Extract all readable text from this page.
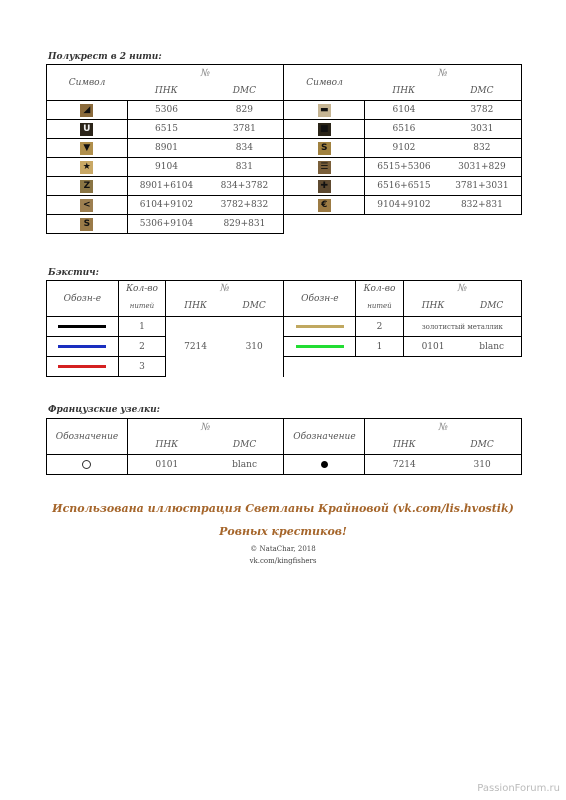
Полукрест в 2 нити:
Символ	№		Символ	№	
	ПНК	DMC		ПНК	DMC
◢	5306	829	▬	6104	3782
U	6515	3781	■	6516	3031
▼	8901	834	S	9102	832
★	9104	831	☰	6515+5306	3031+829
Z	8901+6104	834+3782	✚	6516+6515	3781+3031
<	6104+9102	3782+832	€	9104+9102	832+831
S	5306+9104	829+831			
Бэкстич:
Обозн-е	Кол-во	№		Обозн-е	Кол-во	№	
	нитей	ПНК	DMC		нитей	ПНК	DMC
	1	7214	310		2	золотистый металлик	
	2				1	0101	blanc
	3						
Французские узелки:
Обозначение	№		Обозначение	№	
	ПНК	DMC		ПНК	DMC
	0101	blanc		7214	310
Использована иллюстрация Светланы Крайновой (vk.com/lis.hvostik)
Ровных крестиков!
© NataChar, 2018
vk.com/kingfishers
PassionForum.ru
